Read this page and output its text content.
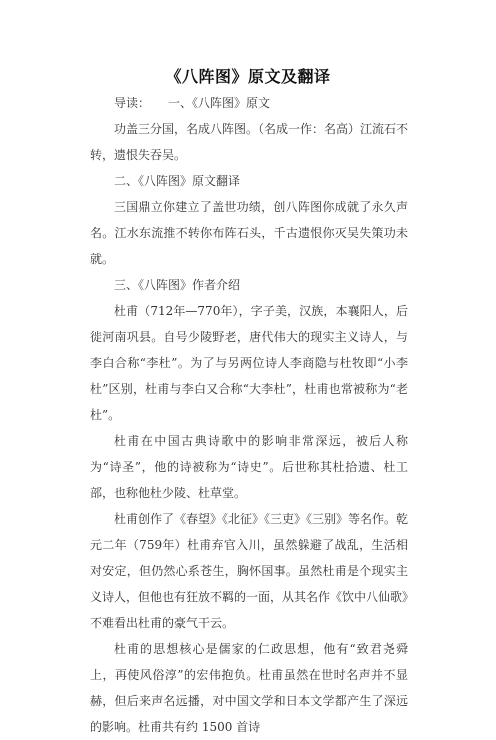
《八阵图》原文及翻译

导读：　　一、《八阵图》原文

功盖三分国，名成八阵图。（名成一作：名高）江流石不转，遗恨失吞吴。

二、《八阵图》原文翻译

三国鼎立你建立了盖世功绩，创八阵图你成就了永久声名。江水东流推不转你布阵石头，千古遗恨你灭吴失策功未就。

三、《八阵图》作者介绍

杜甫（712年—770年），字子美，汉族，本襄阳人，后徙河南巩县。自号少陵野老，唐代伟大的现实主义诗人，与李白合称“李杜”。为了与另两位诗人李商隐与杜牧即“小李杜”区别，杜甫与李白又合称“大李杜”，杜甫也常被称为“老杜”。

杜甫在中国古典诗歌中的影响非常深远，被后人称为“诗圣”，他的诗被称为“诗史”。后世称其杜拾遗、杜工部，也称他杜少陵、杜草堂。

杜甫创作了《春望》《北征》《三吏》《三别》等名作。乾元二年（759年）杜甫弃官入川，虽然躲避了战乱，生活相对安定，但仍然心系苍生，胸怀国事。虽然杜甫是个现实主义诗人，但他也有狂放不羁的一面，从其名作《饮中八仙歌》不难看出杜甫的豪气干云。

杜甫的思想核心是儒家的仁政思想，他有“致君尧舜上，再使风俗淳”的宏伟抱负。杜甫虽然在世时名声并不显赫，但后来声名远播，对中国文学和日本文学都产生了深远的影响。杜甫共有约 1500 首诗
